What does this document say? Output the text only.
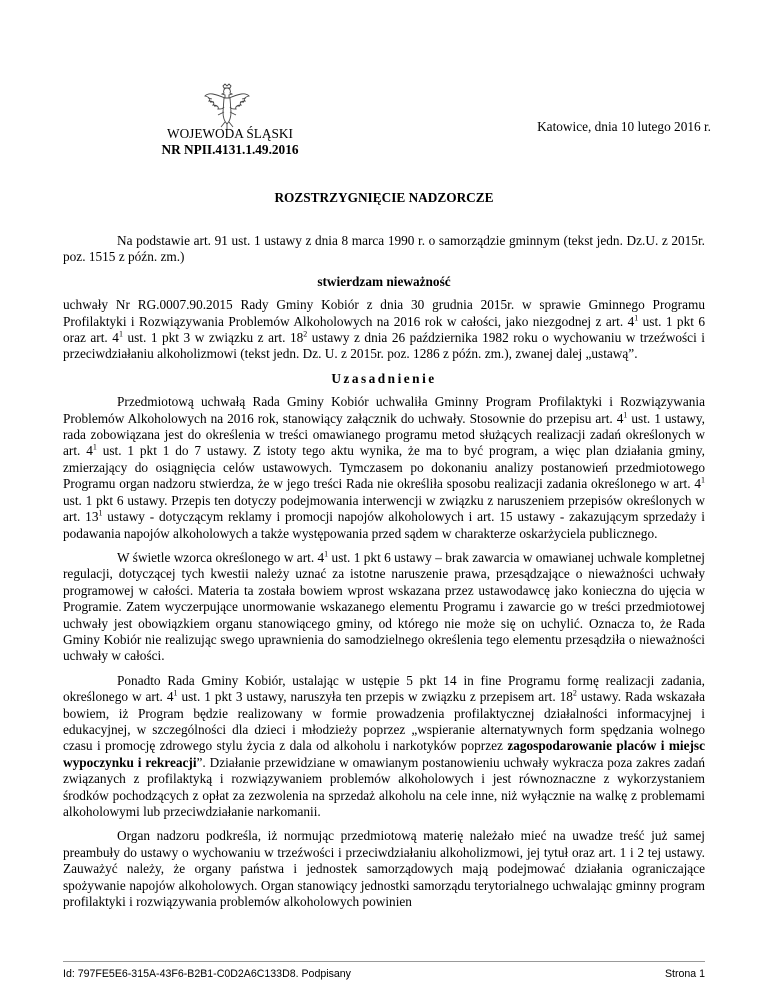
Katowice, dnia 10 lutego 2016 r.
WOJEWODA ŚLĄSKI
NR NPII.4131.1.49.2016
ROZSTRZYGNIĘCIE NADZORCZE

Na podstawie art. 91 ust. 1 ustawy z dnia 8 marca 1990 r. o samorządzie gminnym (tekst jedn. Dz.U. z 2015r. poz. 1515 z późn. zm.)

stwierdzam nieważność

uchwały Nr RG.0007.90.2015 Rady Gminy Kobiór z dnia 30 grudnia 2015r. w sprawie Gminnego Programu Profilaktyki i Rozwiązywania Problemów Alkoholowych na 2016 rok w całości, jako niezgodnej z art. $4^1$ ust. 1 pkt 6 oraz art. $4^1$ ust. 1 pkt 3 w związku z art. $18^2$ ustawy z dnia 26 października 1982 roku o wychowaniu w trzeźwości i przeciwdziałaniu alkoholizmowi (tekst jedn. Dz. U. z 2015r. poz. 1286 z późn. zm.), zwanej dalej „ustawą”.

Uzasadnienie

Przedmiotową uchwałą Rada Gminy Kobiór uchwaliła Gminny Program Profilaktyki i Rozwiązywania Problemów Alkoholowych na 2016 rok, stanowiący załącznik do uchwały. Stosownie do przepisu art. $4^1$ ust. 1 ustawy, rada zobowiązana jest do określenia w treści omawianego programu metod służących realizacji zadań określonych w art. $4^1$ ust. 1 pkt 1 do 7 ustawy. Z istoty tego aktu wynika, że ma to być program, a więc plan działania gminy, zmierzający do osiągnięcia celów ustawowych. Tymczasem po dokonaniu analizy postanowień przedmiotowego Programu organ nadzoru stwierdza, że w jego treści Rada nie określiła sposobu realizacji zadania określonego w art. $4^1$ ust. 1 pkt 6 ustawy. Przepis ten dotyczy podejmowania interwencji w związku z naruszeniem przepisów określonych w art. $13^1$ ustawy - dotyczącym reklamy i promocji napojów alkoholowych i art. 15 ustawy - zakazującym sprzedaży i podawania napojów alkoholowych a także występowania przed sądem w charakterze oskarżyciela publicznego.

W świetle wzorca określonego w art. $4^1$ ust. 1 pkt 6 ustawy – brak zawarcia w omawianej uchwale kompletnej regulacji, dotyczącej tych kwestii należy uznać za istotne naruszenie prawa, przesądzające o nieważności uchwały programowej w całości. Materia ta została bowiem wprost wskazana przez ustawodawcę jako konieczna do ujęcia w Programie. Zatem wyczerpujące unormowanie wskazanego elementu Programu i zawarcie go w treści przedmiotowej uchwały jest obowiązkiem organu stanowiącego gminy, od którego nie może się on uchylić. Oznacza to, że Rada Gminy Kobiór nie realizując swego uprawnienia do samodzielnego określenia tego elementu przesądziła o nieważności uchwały w całości.

Ponadto Rada Gminy Kobiór, ustalając w ustępie 5 pkt 14 in fine Programu formę realizacji zadania, określonego w art. $4^1$ ust. 1 pkt 3 ustawy, naruszyła ten przepis w związku z przepisem art. $18^2$ ustawy. Rada wskazała bowiem, iż Program będzie realizowany w formie prowadzenia profilaktycznej działalności informacyjnej i edukacyjnej, w szczególności dla dzieci i młodzieży poprzez „wspieranie alternatywnych form spędzania wolnego czasu i promocję zdrowego stylu życia z dala od alkoholu i narkotyków poprzez zagospodarowanie placów i miejsc wypoczynku i rekreacji”. Działanie przewidziane w omawianym postanowieniu uchwały wykracza poza zakres zadań związanych z profilaktyką i rozwiązywaniem problemów alkoholowych i jest równoznaczne z wykorzystaniem środków pochodzących z opłat za zezwolenia na sprzedaż alkoholu na cele inne, niż wyłącznie na walkę z problemami alkoholowymi lub przeciwdziałanie narkomanii.

Organ nadzoru podkreśla, iż normując przedmiotową materię należało mieć na uwadze treść już samej preambuły do ustawy o wychowaniu w trzeźwości i przeciwdziałaniu alkoholizmowi, jej tytuł oraz art. 1 i 2 tej ustawy. Zauważyć należy, że organy państwa i jednostek samorządowych mają podejmować działania ograniczające spożywanie napojów alkoholowych. Organ stanowiący jednostki samorządu terytorialnego uchwalając gminny program profilaktyki i rozwiązywania problemów alkoholowych powinien

Id: 797FE5E6-315A-43F6-B2B1-C0D2A6C133D8. Podpisany	Strona 1
